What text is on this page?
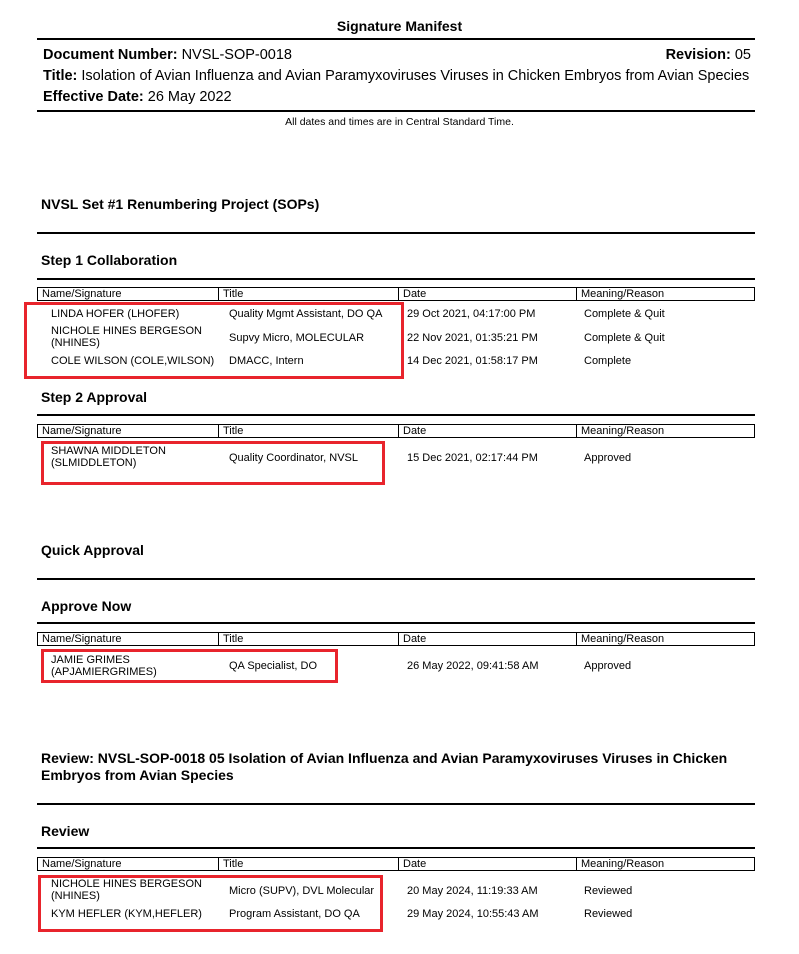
Signature Manifest
Document Number: NVSL-SOP-0018	Revision: 05
Title: Isolation of Avian Influenza and Avian Paramyxoviruses Viruses in Chicken Embryos from Avian Species
Effective Date: 26 May 2022
All dates and times are in Central Standard Time.
NVSL Set #1 Renumbering Project (SOPs)
Step 1 Collaboration
Name/Signature	Title	Date	Meaning/Reason
LINDA HOFER (LHOFER)	Quality Mgmt Assistant, DO QA	29 Oct 2021, 04:17:00 PM	Complete & Quit
NICHOLE HINES BERGESON (NHINES)	Supvy Micro, MOLECULAR	22 Nov 2021, 01:35:21 PM	Complete & Quit
COLE WILSON (COLE,WILSON)	DMACC, Intern	14 Dec 2021, 01:58:17 PM	Complete
Step 2 Approval
Name/Signature	Title	Date	Meaning/Reason
SHAWNA MIDDLETON (SLMIDDLETON)	Quality Coordinator, NVSL	15 Dec 2021, 02:17:44 PM	Approved
Quick Approval
Approve Now
Name/Signature	Title	Date	Meaning/Reason
JAMIE GRIMES (APJAMIERGRIMES)	QA Specialist, DO	26 May 2022, 09:41:58 AM	Approved
Review: NVSL-SOP-0018 05 Isolation of Avian Influenza and Avian Paramyxoviruses Viruses in Chicken Embryos from Avian Species
Review
Name/Signature	Title	Date	Meaning/Reason
NICHOLE HINES BERGESON (NHINES)	Micro (SUPV), DVL Molecular	20 May 2024, 11:19:33 AM	Reviewed
KYM HEFLER (KYM,HEFLER)	Program Assistant, DO QA	29 May 2024, 10:55:43 AM	Reviewed
